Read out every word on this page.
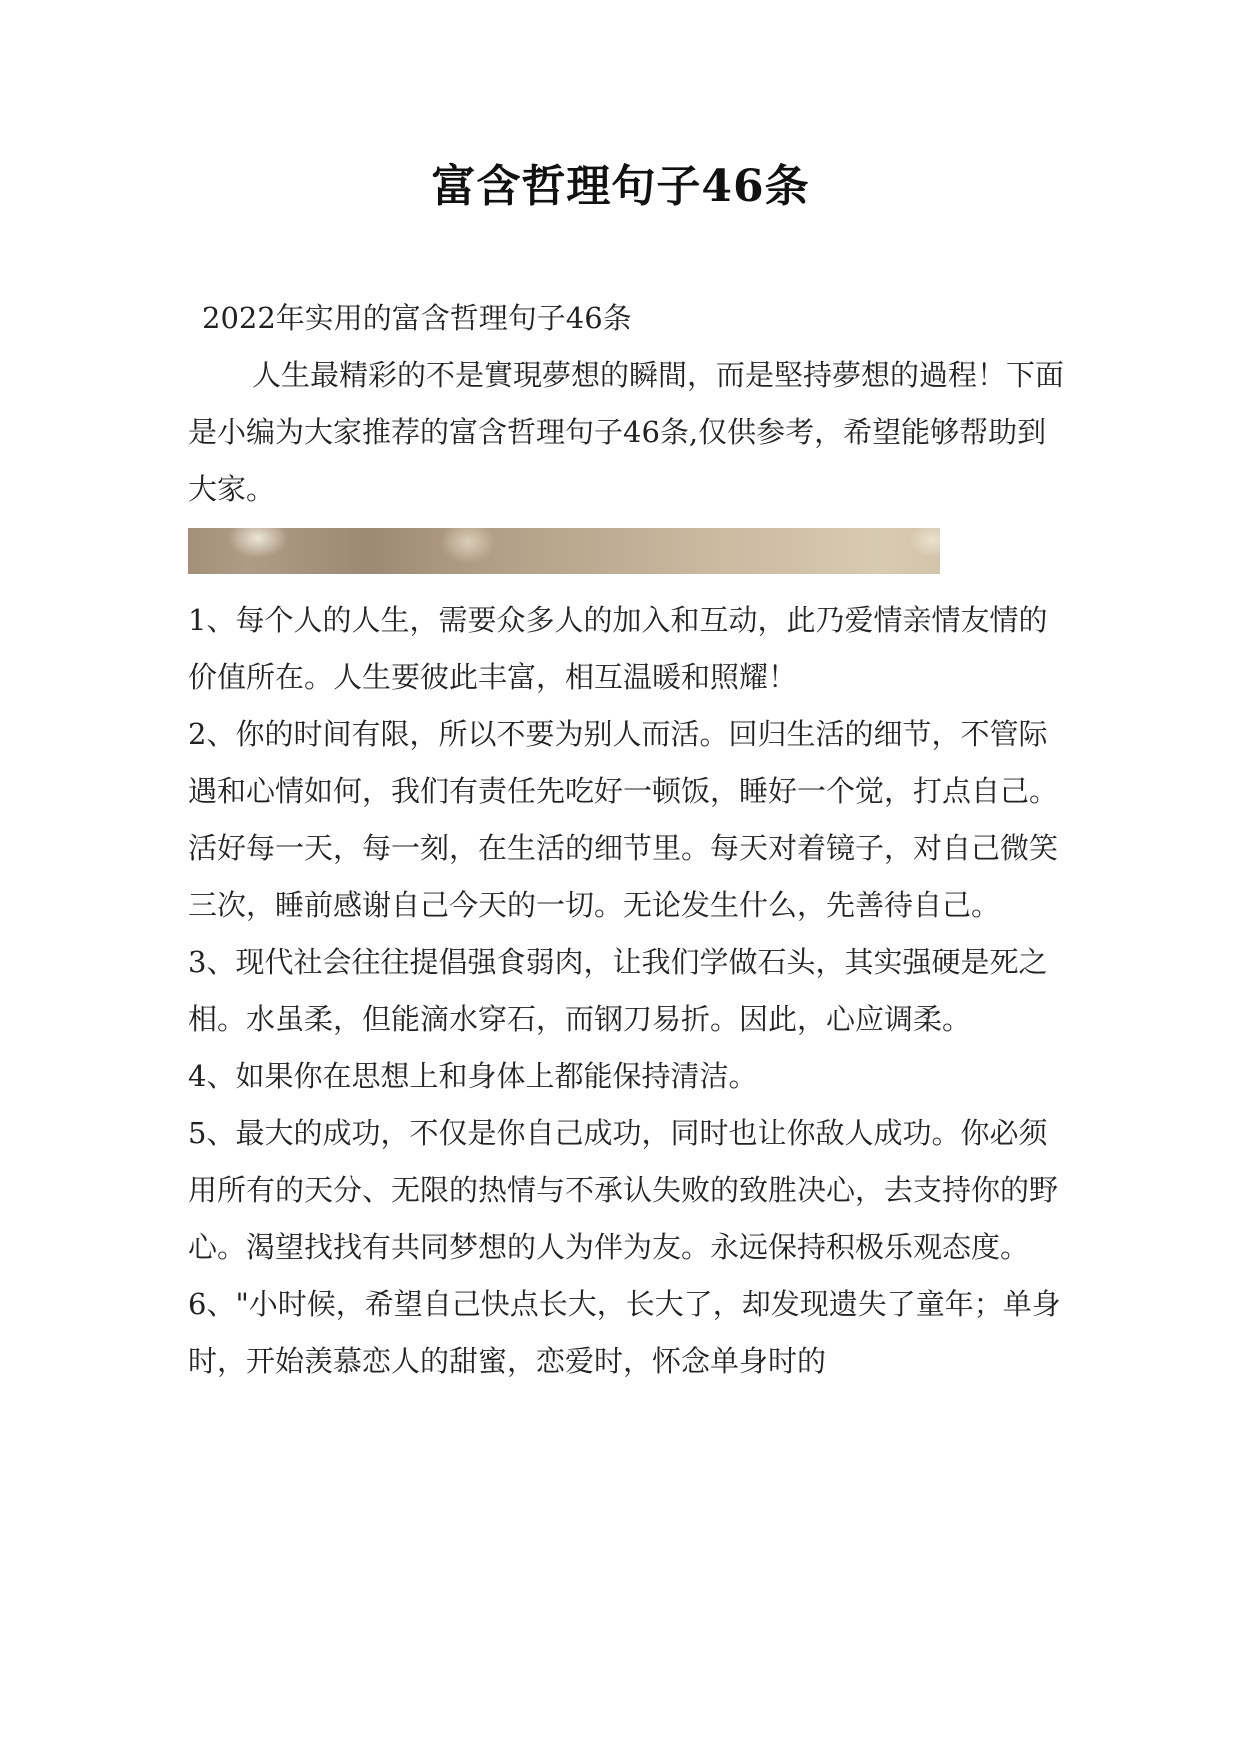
富含哲理句子46条

2022年实用的富含哲理句子46条

人生最精彩的不是實現夢想的瞬間，而是堅持夢想的過程！下面是小编为大家推荐的富含哲理句子46条,仅供参考，希望能够帮助到大家。

1、每个人的人生，需要众多人的加入和互动，此乃爱情亲情友情的价值所在。人生要彼此丰富，相互温暖和照耀！

2、你的时间有限，所以不要为别人而活。回归生活的细节，不管际遇和心情如何，我们有责任先吃好一顿饭，睡好一个觉，打点自己。活好每一天，每一刻，在生活的细节里。每天对着镜子，对自己微笑三次，睡前感谢自己今天的一切。无论发生什么，先善待自己。

3、现代社会往往提倡强食弱肉，让我们学做石头，其实强硬是死之相。水虽柔，但能滴水穿石，而钢刀易折。因此，心应调柔。

4、如果你在思想上和身体上都能保持清洁。

5、最大的成功，不仅是你自己成功，同时也让你敌人成功。你必须用所有的天分、无限的热情与不承认失败的致胜决心，去支持你的野心。渴望找找有共同梦想的人为伴为友。永远保持积极乐观态度。

6、"小时候，希望自己快点长大，长大了，却发现遗失了童年；单身时，开始羡慕恋人的甜蜜，恋爱时，怀念单身时的
